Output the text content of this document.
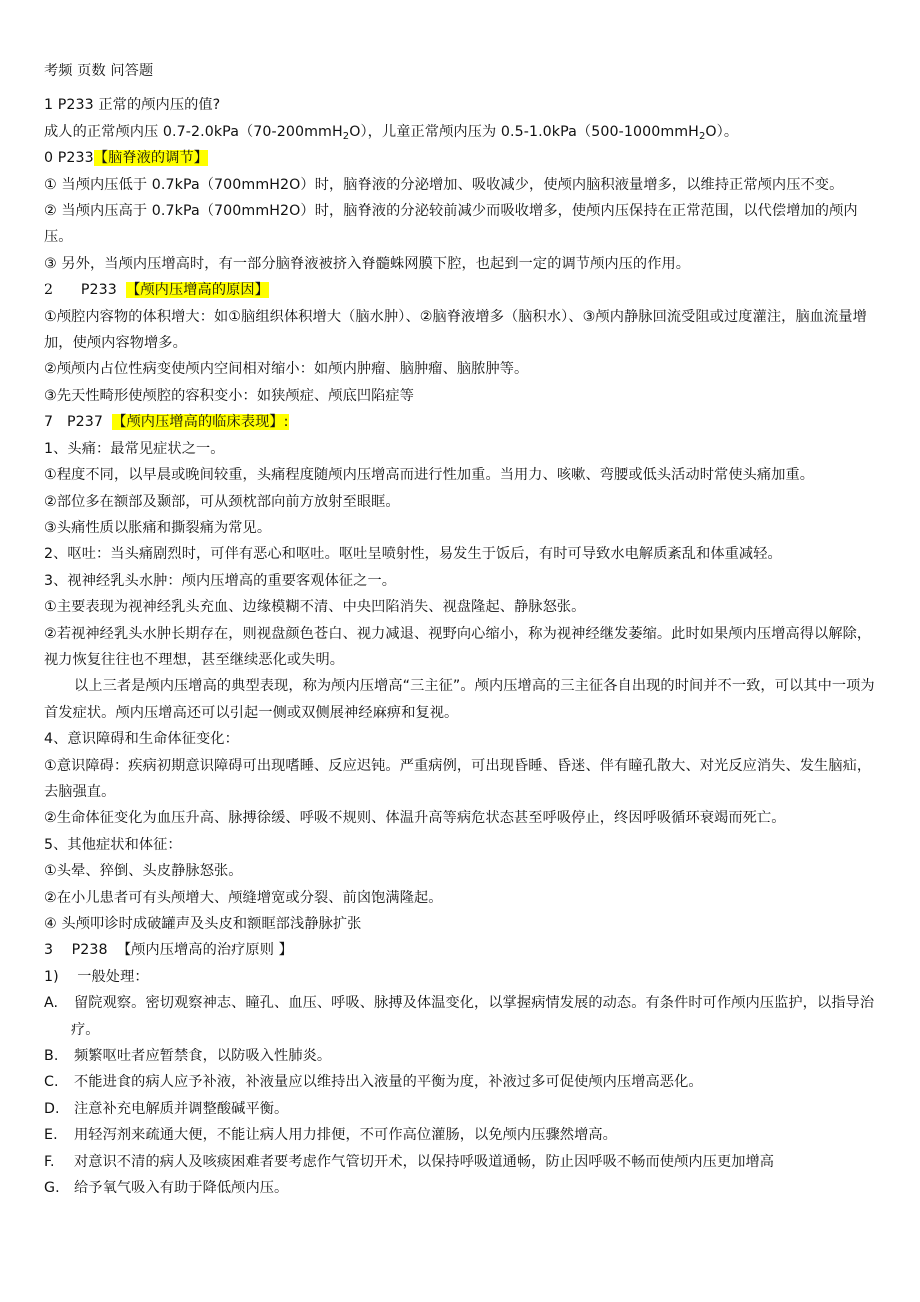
考频 页数 问答题

1 P233 正常的颅内压的值?

成人的正常颅内压 0.7-2.0kPa（70-200mmH$_2$O），儿童正常颅内压为 0.5-1.0kPa（500-1000mmH$_2$O）。

0 P233【脑脊液的调节】

① 当颅内压低于 0.7kPa（700mmH2O）时，脑脊液的分泌增加、吸收减少，使颅内脑积液量增多，以维持正常颅内压不变。

② 当颅内压高于 0.7kPa（700mmH2O）时，脑脊液的分泌较前减少而吸收增多，使颅内压保持在正常范围，以代偿增加的颅内压。

③ 另外，当颅内压增高时，有一部分脑脊液被挤入脊髓蛛网膜下腔，也起到一定的调节颅内压的作用。

2 P233 【颅内压增高的原因】

①颅腔内容物的体积增大：如①脑组织体积增大（脑水肿）、②脑脊液增多（脑积水）、③颅内静脉回流受阻或过度灌注，脑血流量增加，使颅内容物增多。

②颅颅内占位性病变使颅内空间相对缩小：如颅内肿瘤、脑肿瘤、脑脓肿等。

③先天性畸形使颅腔的容积变小：如狭颅症、颅底凹陷症等

7   P237 【颅内压增高的临床表现】:

1、头痛：最常见症状之一。

①程度不同，以早晨或晚间较重，头痛程度随颅内压增高而进行性加重。当用力、咳嗽、弯腰或低头活动时常使头痛加重。

②部位多在额部及颞部，可从颈枕部向前方放射至眼眶。

③头痛性质以胀痛和撕裂痛为常见。

2、呕吐：当头痛剧烈时，可伴有恶心和呕吐。呕吐呈喷射性，易发生于饭后，有时可导致水电解质紊乱和体重减轻。

3、视神经乳头水肿：颅内压增高的重要客观体征之一。

①主要表现为视神经乳头充血、边缘模糊不清、中央凹陷消失、视盘隆起、静脉怒张。

②若视神经乳头水肿长期存在，则视盘颜色苍白、视力减退、视野向心缩小，称为视神经继发萎缩。此时如果颅内压增高得以解除，视力恢复往往也不理想，甚至继续恶化或失明。

以上三者是颅内压增高的典型表现，称为颅内压增高“三主征”。颅内压增高的三主征各自出现的时间并不一致，可以其中一项为首发症状。颅内压增高还可以引起一侧或双侧展神经麻痹和复视。

4、意识障碍和生命体征变化：

①意识障碍：疾病初期意识障碍可出现嗜睡、反应迟钝。严重病例，可出现昏睡、昏迷、伴有瞳孔散大、对光反应消失、发生脑疝，去脑强直。

②生命体征变化为血压升高、脉搏徐缓、呼吸不规则、体温升高等病危状态甚至呼吸停止，终因呼吸循环衰竭而死亡。

5、其他症状和体征：

①头晕、猝倒、头皮静脉怒张。

②在小儿患者可有头颅增大、颅缝增宽或分裂、前囟饱满隆起。

④ 头颅叩诊时成破罐声及头皮和额眶部浅静脉扩张

3    P238 【颅内压增高的治疗原则 】

1)    一般处理：

A. 留院观察。密切观察神志、瞳孔、血压、呼吸、脉搏及体温变化，以掌握病情发展的动态。有条件时可作颅内压监护，以指导治疗。

B. 频繁呕吐者应暂禁食，以防吸入性肺炎。

C. 不能进食的病人应予补液，补液量应以维持出入液量的平衡为度，补液过多可促使颅内压增高恶化。

D. 注意补充电解质并调整酸碱平衡。

E. 用轻泻剂来疏通大便，不能让病人用力排便，不可作高位灌肠，以免颅内压骤然增高。

F. 对意识不清的病人及咳痰困难者要考虑作气管切开术，以保持呼吸道通畅，防止因呼吸不畅而使颅内压更加增高

G. 给予氧气吸入有助于降低颅内压。
